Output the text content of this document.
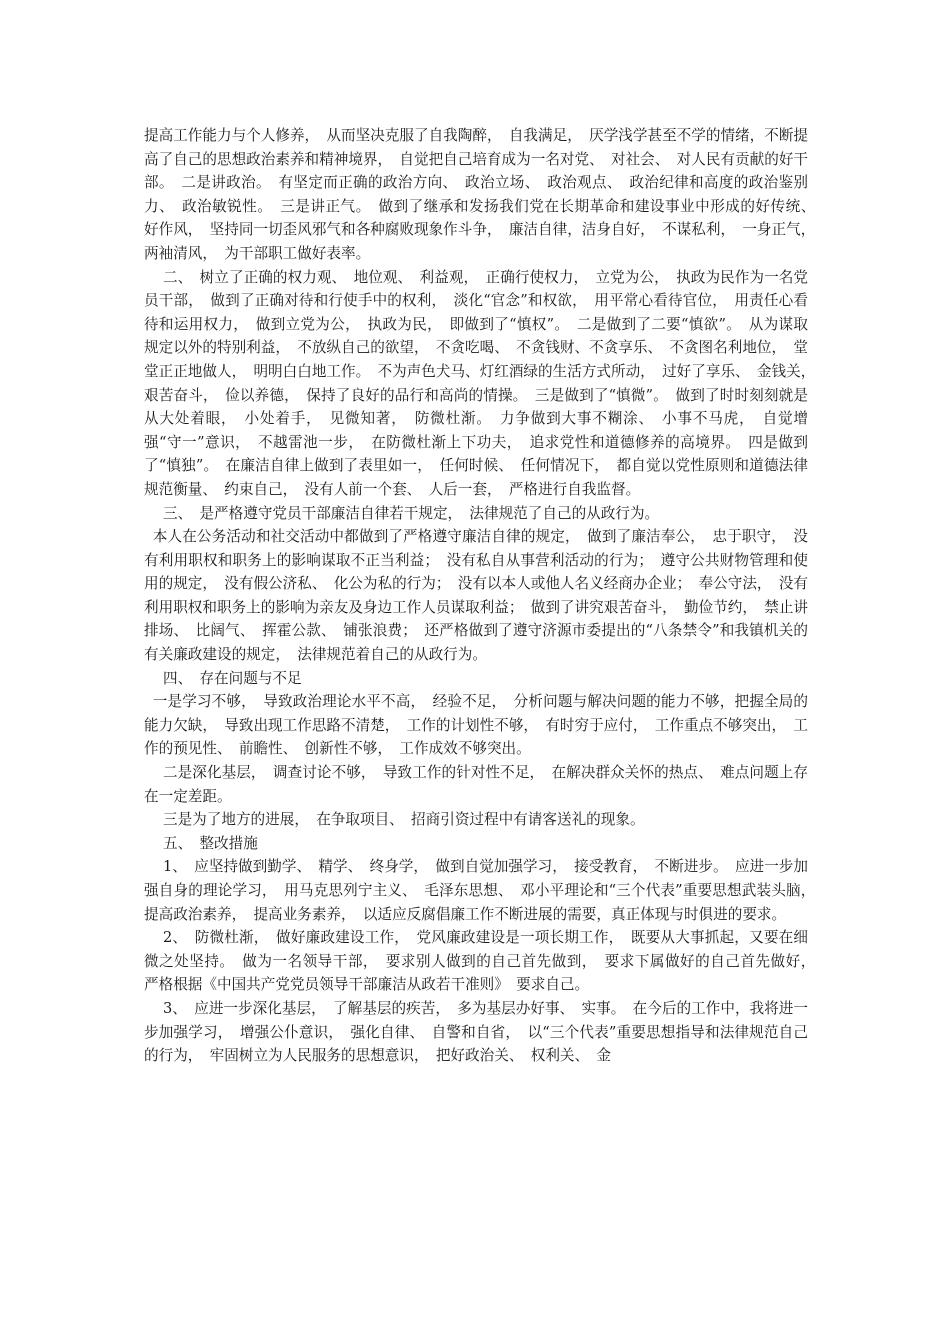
提高工作能力与个人修养，　从而坚决克服了自我陶醉，　自我满足，　厌学浅学甚至不学的情绪，不断提高了自己的思想政治素养和精神境界，　自觉把自己培育成为一名对党、　对社会、　对人民有贡献的好干部。　二是讲政治。　有坚定而正确的政治方向、　政治立场、　政治观点、　政治纪律和高度的政治鉴别力、　政治敏锐性。　三是讲正气。　做到了继承和发扬我们党在长期革命和建设事业中形成的好传统、　好作风，　坚持同一切歪风邪气和各种腐败现象作斗争，　廉洁自律，洁身自好，　不谋私利，　一身正气，　两袖清风，　为干部职工做好表率。

二、　树立了正确的权力观、　地位观、　利益观，　正确行使权力，　立党为公，　执政为民作为一名党员干部，　做到了正确对待和行使手中的权利，　淡化“官念”和权欲，　用平常心看待官位，　用责任心看待和运用权力，　做到立党为公，　执政为民，　即做到了“慎权”。　二是做到了二要“慎欲”。　从为谋取规定以外的特别利益，　不放纵自己的欲望，　不贪吃喝、　不贪钱财、不贪享乐、　不贪图名利地位，　堂堂正正地做人，　明明白白地工作。　不为声色犬马、灯红酒绿的生活方式所动，　过好了享乐、　金钱关，　艰苦奋斗，　俭以养德，　保持了良好的品行和高尚的情操。　三是做到了“慎微”。　做到了时时刻刻就是从大处着眼，　小处着手，　见微知著，　防微杜渐。　力争做到大事不糊涂、　小事不马虎，　自觉增强“守一”意识，　不越雷池一步，　在防微杜渐上下功夫，　追求党性和道德修养的高境界。　四是做到了“慎独”。　在廉洁自律上做到了表里如一，　任何时候、　任何情况下，　都自觉以党性原则和道德法律规范衡量、　约束自己，　没有人前一个套、　人后一套，　严格进行自我监督。

三、　是严格遵守党员干部廉洁自律若干规定，　法律规范了自己的从政行为。

本人在公务活动和社交活动中都做到了严格遵守廉洁自律的规定，　做到了廉洁奉公，　忠于职守，　没有利用职权和职务上的影响谋取不正当利益；　没有私自从事营利活动的行为；　遵守公共财物管理和使用的规定，　没有假公济私、　化公为私的行为；　没有以本人或他人名义经商办企业；　奉公守法，　没有利用职权和职务上的影响为亲友及身边工作人员谋取利益；　做到了讲究艰苦奋斗，　勤俭节约，　禁止讲排场、　比阔气、　挥霍公款、　铺张浪费；　还严格做到了遵守济源市委提出的“八条禁令”和我镇机关的有关廉政建设的规定，　法律规范着自己的从政行为。

四、　存在问题与不足

一是学习不够，　导致政治理论水平不高，　经验不足，　分析问题与解决问题的能力不够，把握全局的能力欠缺，　导致出现工作思路不清楚，　工作的计划性不够，　有时穷于应付，　工作重点不够突出，　工作的预见性、　前瞻性、　创新性不够，　工作成效不够突出。

二是深化基层，　调查讨论不够，　导致工作的针对性不足，　在解决群众关怀的热点、　难点问题上存在一定差距。

三是为了地方的进展，　在争取项目、　招商引资过程中有请客送礼的现象。

五、　整改措施

1、　应坚持做到勤学、　精学、　终身学，　做到自觉加强学习，　接受教育，　不断进步。　应进一步加强自身的理论学习，　用马克思列宁主义、　毛泽东思想、　邓小平理论和“三个代表”重要思想武装头脑，　提高政治素养，　提高业务素养，　以适应反腐倡廉工作不断进展的需要，真正体现与时俱进的要求。

2、　防微杜渐，　做好廉政建设工作，　党风廉政建设是一项长期工作，　既要从大事抓起，又要在细微之处坚持。　做为一名领导干部，　要求别人做到的自己首先做到，　要求下属做好的自己首先做好，　严格根据《中国共产党党员领导干部廉洁从政若干准则》　要求自己。

3、　应进一步深化基层，　了解基层的疾苦，　多为基层办好事、　实事。　在今后的工作中，我将进一步加强学习，　增强公仆意识，　强化自律、　自警和自省，　以“三个代表”重要思想指导和法律规范自己的行为，　牢固树立为人民服务的思想意识，　把好政治关、　权利关、　金
